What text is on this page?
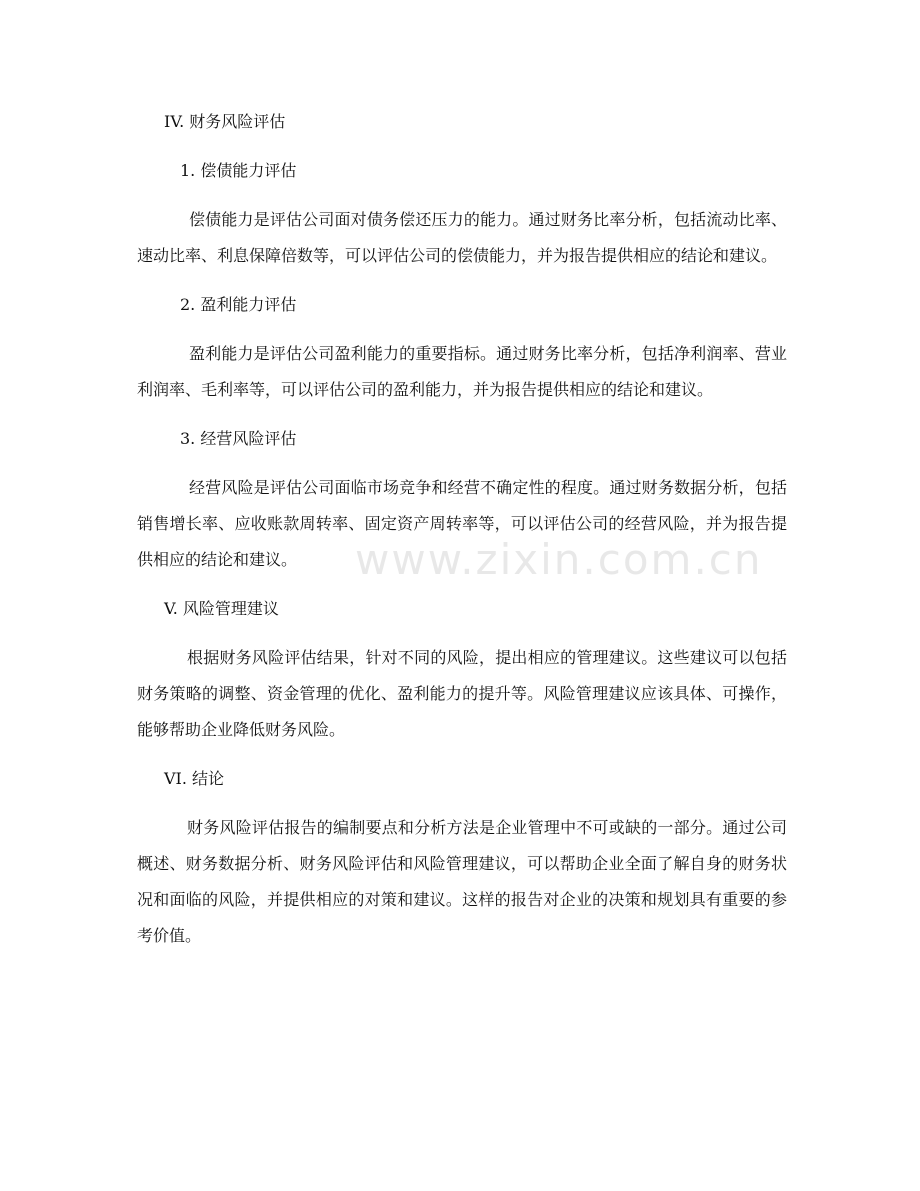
IV. 财务风险评估

1. 偿债能力评估

偿债能力是评估公司面对债务偿还压力的能力。通过财务比率分析，包括流动比率、速动比率、利息保障倍数等，可以评估公司的偿债能力，并为报告提供相应的结论和建议。

2. 盈利能力评估

盈利能力是评估公司盈利能力的重要指标。通过财务比率分析，包括净利润率、营业利润率、毛利率等，可以评估公司的盈利能力，并为报告提供相应的结论和建议。

3. 经营风险评估

经营风险是评估公司面临市场竞争和经营不确定性的程度。通过财务数据分析，包括销售增长率、应收账款周转率、固定资产周转率等，可以评估公司的经营风险，并为报告提供相应的结论和建议。

V. 风险管理建议

根据财务风险评估结果，针对不同的风险，提出相应的管理建议。这些建议可以包括财务策略的调整、资金管理的优化、盈利能力的提升等。风险管理建议应该具体、可操作，能够帮助企业降低财务风险。

VI. 结论

财务风险评估报告的编制要点和分析方法是企业管理中不可或缺的一部分。通过公司概述、财务数据分析、财务风险评估和风险管理建议，可以帮助企业全面了解自身的财务状况和面临的风险，并提供相应的对策和建议。这样的报告对企业的决策和规划具有重要的参考价值。

www.zixin.com.cn
